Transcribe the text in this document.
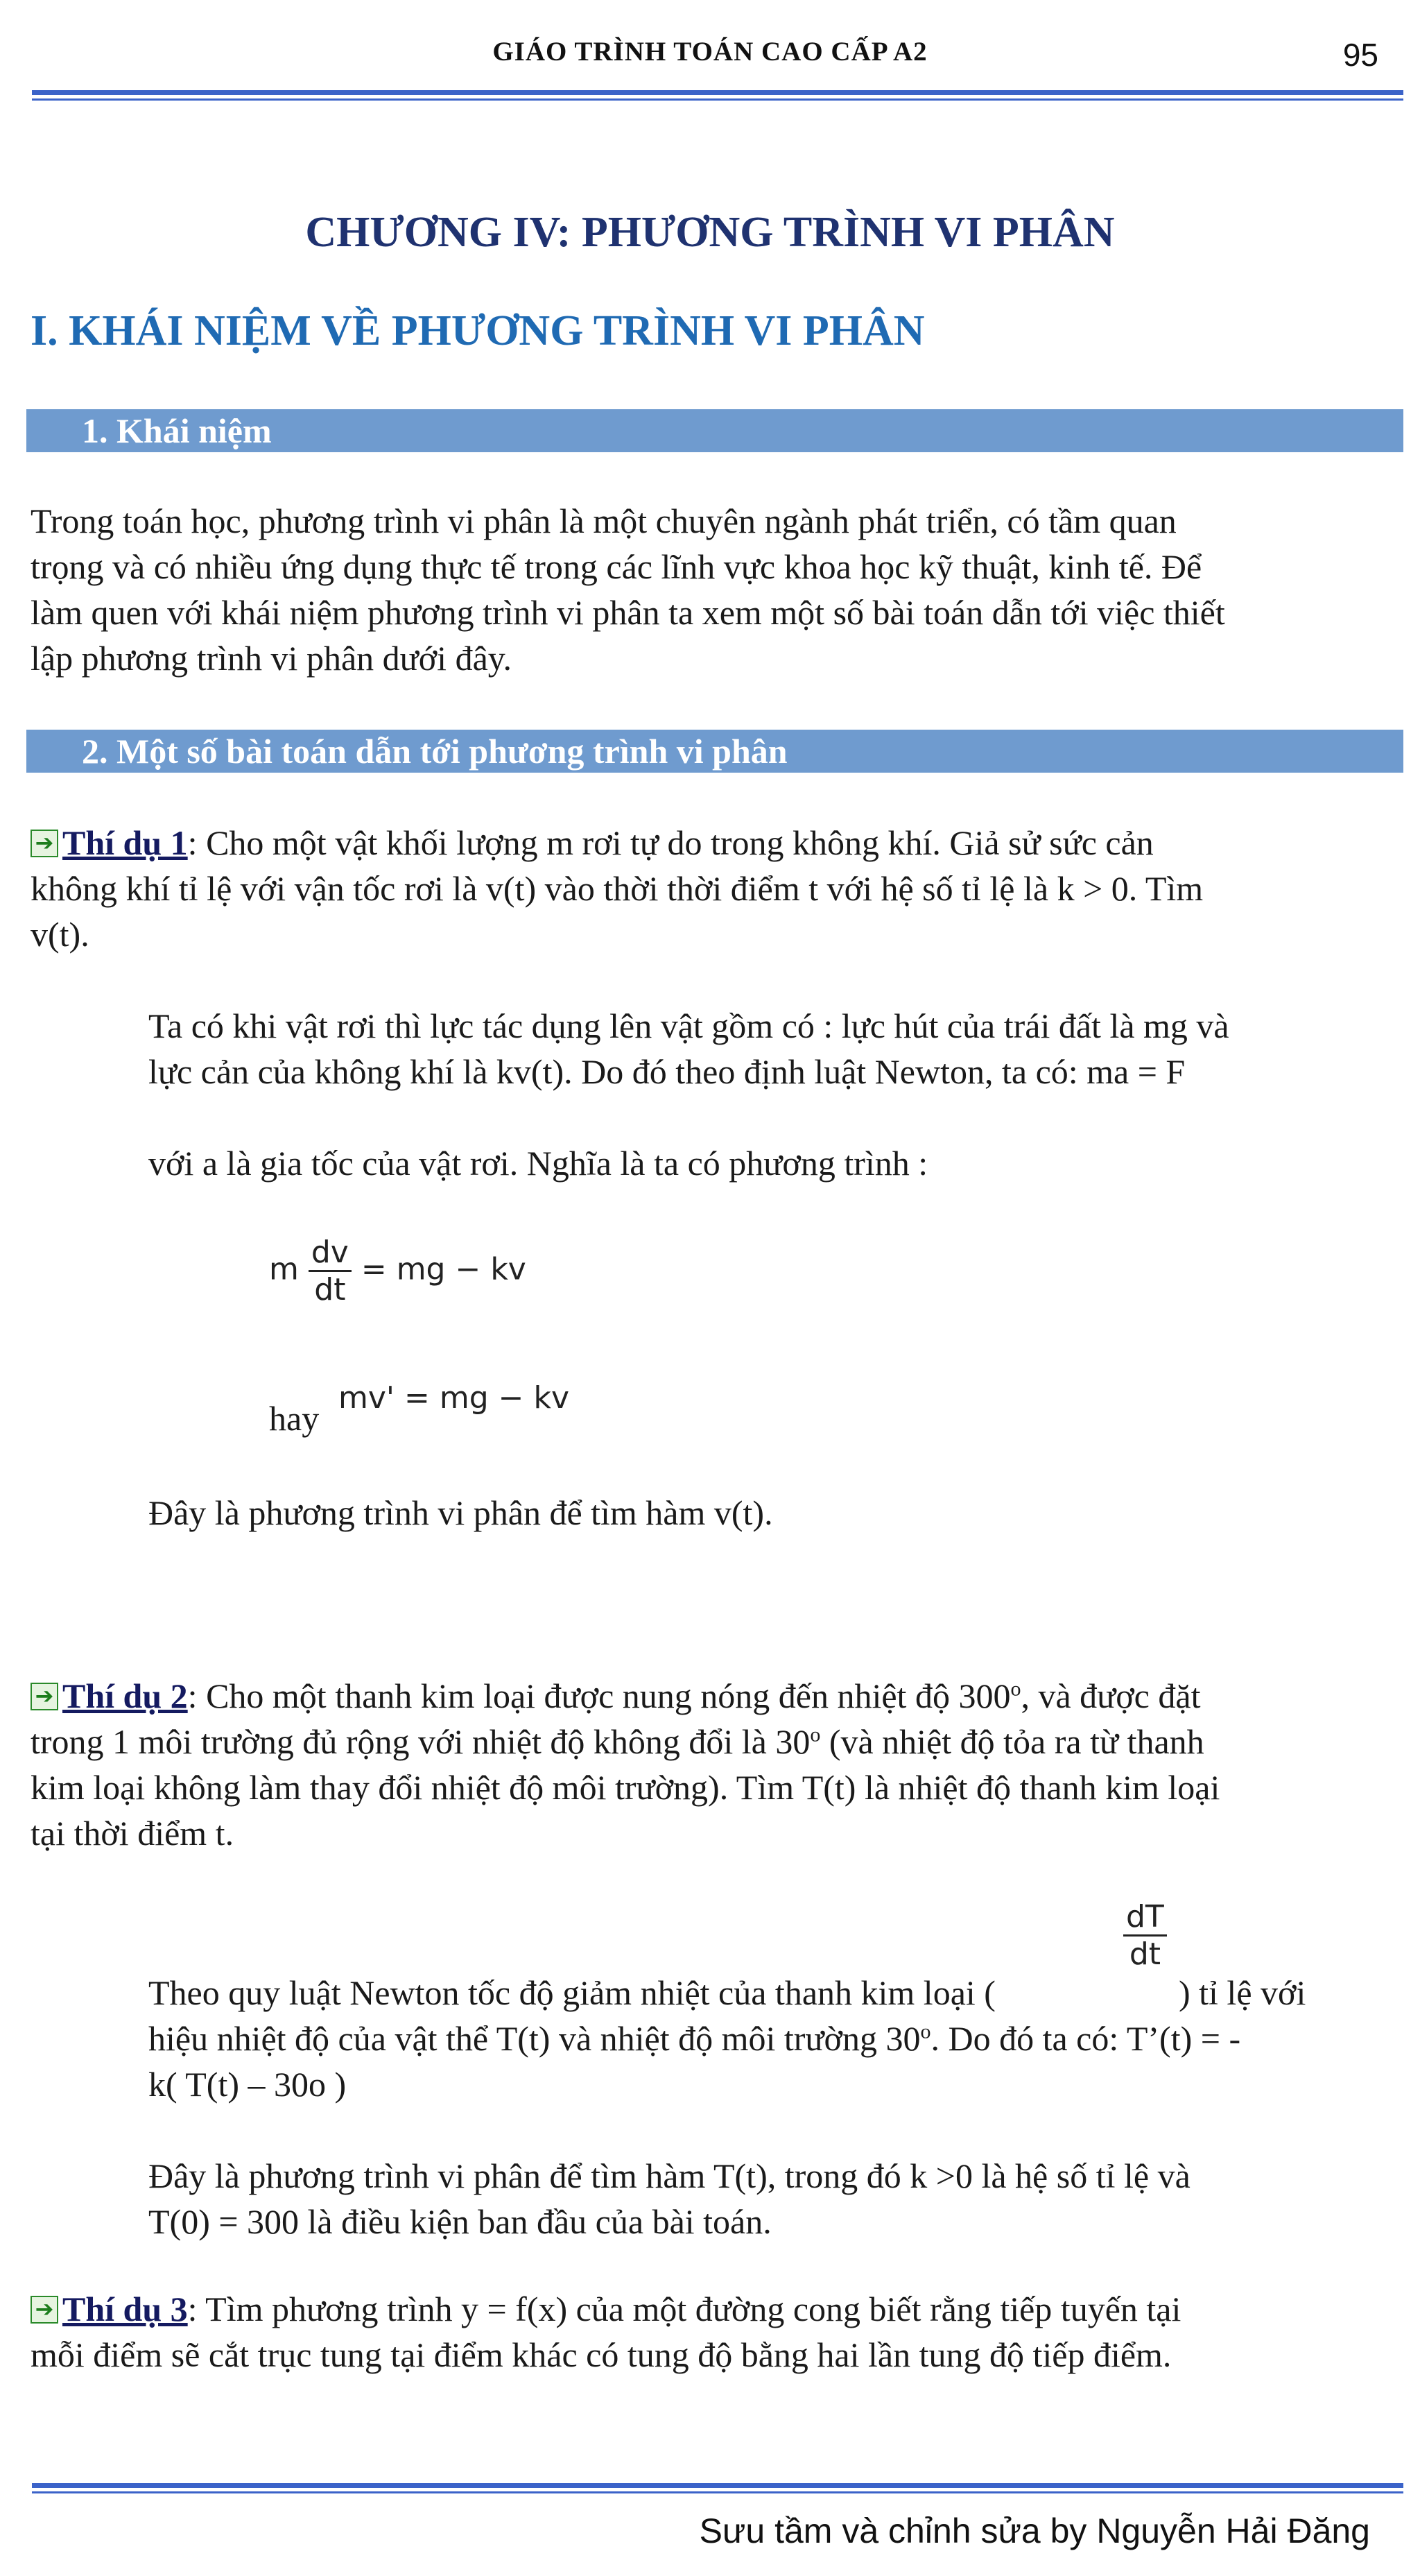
GIÁO TRÌNH TOÁN CAO CẤP A2	95
CHƯƠNG IV: PHƯƠNG TRÌNH VI PHÂN
I. KHÁI NIỆM VỀ PHƯƠNG TRÌNH VI PHÂN
1. Khái niệm
Trong toán học, phương trình vi phân là một chuyên ngành phát triển, có tầm quan
trọng và có nhiều ứng dụng thực tế trong các lĩnh vực khoa học kỹ thuật, kinh tế. Để
làm quen với khái niệm phương trình vi phân ta xem một số bài toán dẫn tới việc thiết
lập phương trình vi phân dưới đây.
2. Một số bài toán dẫn tới phương trình vi phân
➔ Thí dụ 1: Cho một vật khối lượng m rơi tự do trong không khí. Giả sử sức cản
không khí tỉ lệ với vận tốc rơi là v(t) vào thời thời điểm t với hệ số tỉ lệ là k > 0. Tìm
v(t).
Ta có khi vật rơi thì lực tác dụng lên vật gồm có : lực hút của trái đất là mg và
lực cản của không khí là kv(t). Do đó theo định luật Newton, ta có: ma = F
với a là gia tốc của vật rơi. Nghĩa là ta có phương trình :
m $\frac{dv}{dt}$ = mg − kv
hay
mv' = mg − kv
Đây là phương trình vi phân để tìm hàm v(t).
➔ Thí dụ 2: Cho một thanh kim loại được nung nóng đến nhiệt độ 300$^o$, và được đặt
trong 1 môi trường đủ rộng với nhiệt độ không đổi là 30$^o$ (và nhiệt độ tỏa ra từ thanh
kim loại không làm thay đổi nhiệt độ môi trường). Tìm T(t) là nhiệt độ thanh kim loại
tại thời điểm t.
$\frac{dT}{dt}$
Theo quy luật Newton tốc độ giảm nhiệt của thanh kim loại (	) tỉ lệ với
hiệu nhiệt độ của vật thể T(t) và nhiệt độ môi trường 30$^o$. Do đó ta có: T’(t) = -
k( T(t) – 30o )
Đây là phương trình vi phân để tìm hàm T(t), trong đó k >0 là hệ số tỉ lệ và
T(0) = 300 là điều kiện ban đầu của bài toán.
➔ Thí dụ 3: Tìm phương trình y = f(x) của một đường cong biết rằng tiếp tuyến tại
mỗi điểm sẽ cắt trục tung tại điểm khác có tung độ bằng hai lần tung độ tiếp điểm.
Sưu tầm và chỉnh sửa by Nguyễn Hải Đăng
